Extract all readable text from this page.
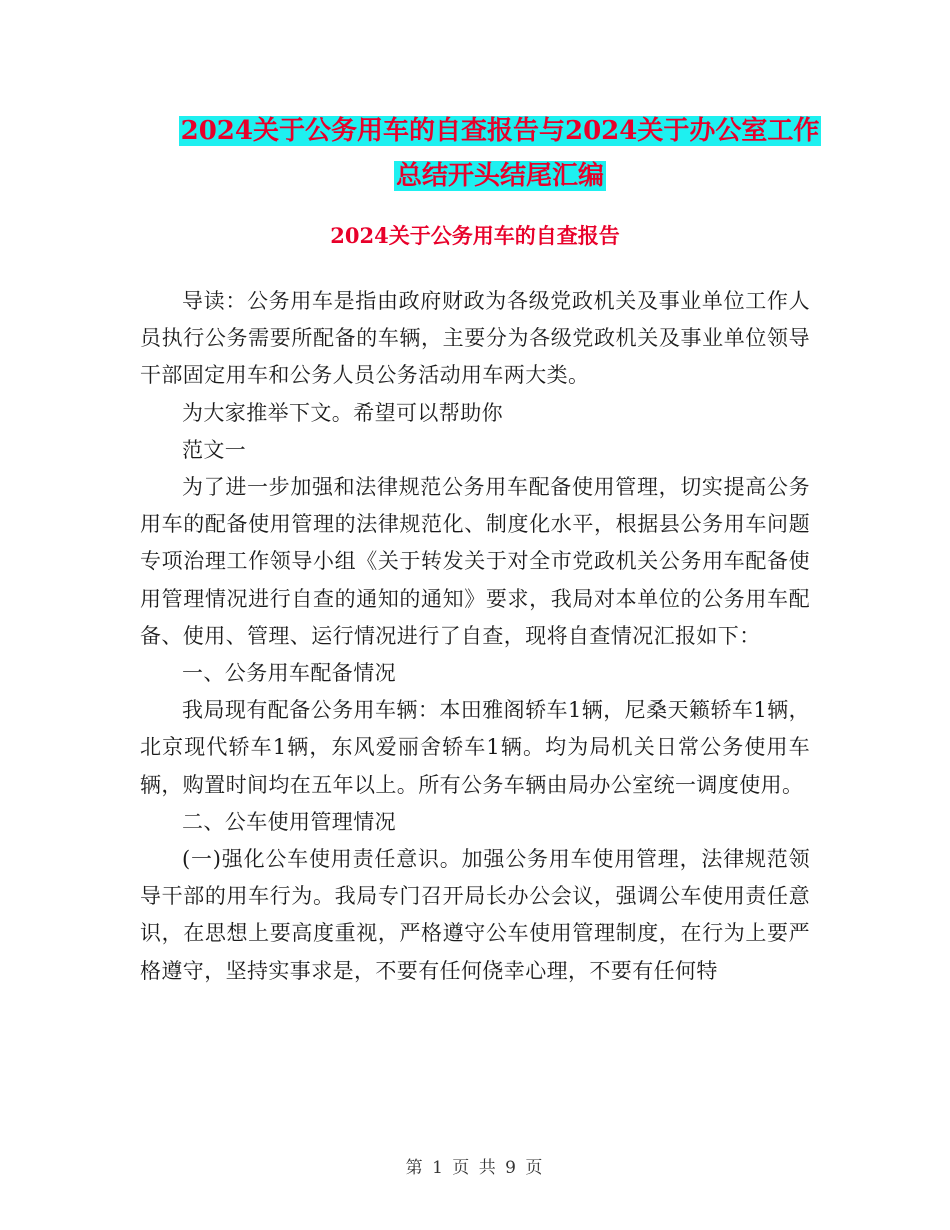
2024关于公务用车的自查报告与2024关于办公室工作
总结开头结尾汇编
2024关于公务用车的自查报告

导读：公务用车是指由政府财政为各级党政机关及事业单位工作人员执行公务需要所配备的车辆，主要分为各级党政机关及事业单位领导干部固定用车和公务人员公务活动用车两大类。

为大家推举下文。希望可以帮助你

范文一

为了进一步加强和法律规范公务用车配备使用管理，切实提高公务用车的配备使用管理的法律规范化、制度化水平，根据县公务用车问题专项治理工作领导小组《关于转发关于对全市党政机关公务用车配备使用管理情况进行自查的通知的通知》要求，我局对本单位的公务用车配备、使用、管理、运行情况进行了自查，现将自查情况汇报如下：

一、公务用车配备情况

我局现有配备公务用车辆：本田雅阁轿车1辆，尼桑天籁轿车1辆，北京现代轿车1辆，东风爱丽舍轿车1辆。均为局机关日常公务使用车辆，购置时间均在五年以上。所有公务车辆由局办公室统一调度使用。

二、公车使用管理情况

(一)强化公车使用责任意识。加强公务用车使用管理，法律规范领导干部的用车行为。我局专门召开局长办公会议，强调公车使用责任意识，在思想上要高度重视，严格遵守公车使用管理制度，在行为上要严格遵守，坚持实事求是，不要有任何侥幸心理，不要有任何特

第 1 页 共 9 页
